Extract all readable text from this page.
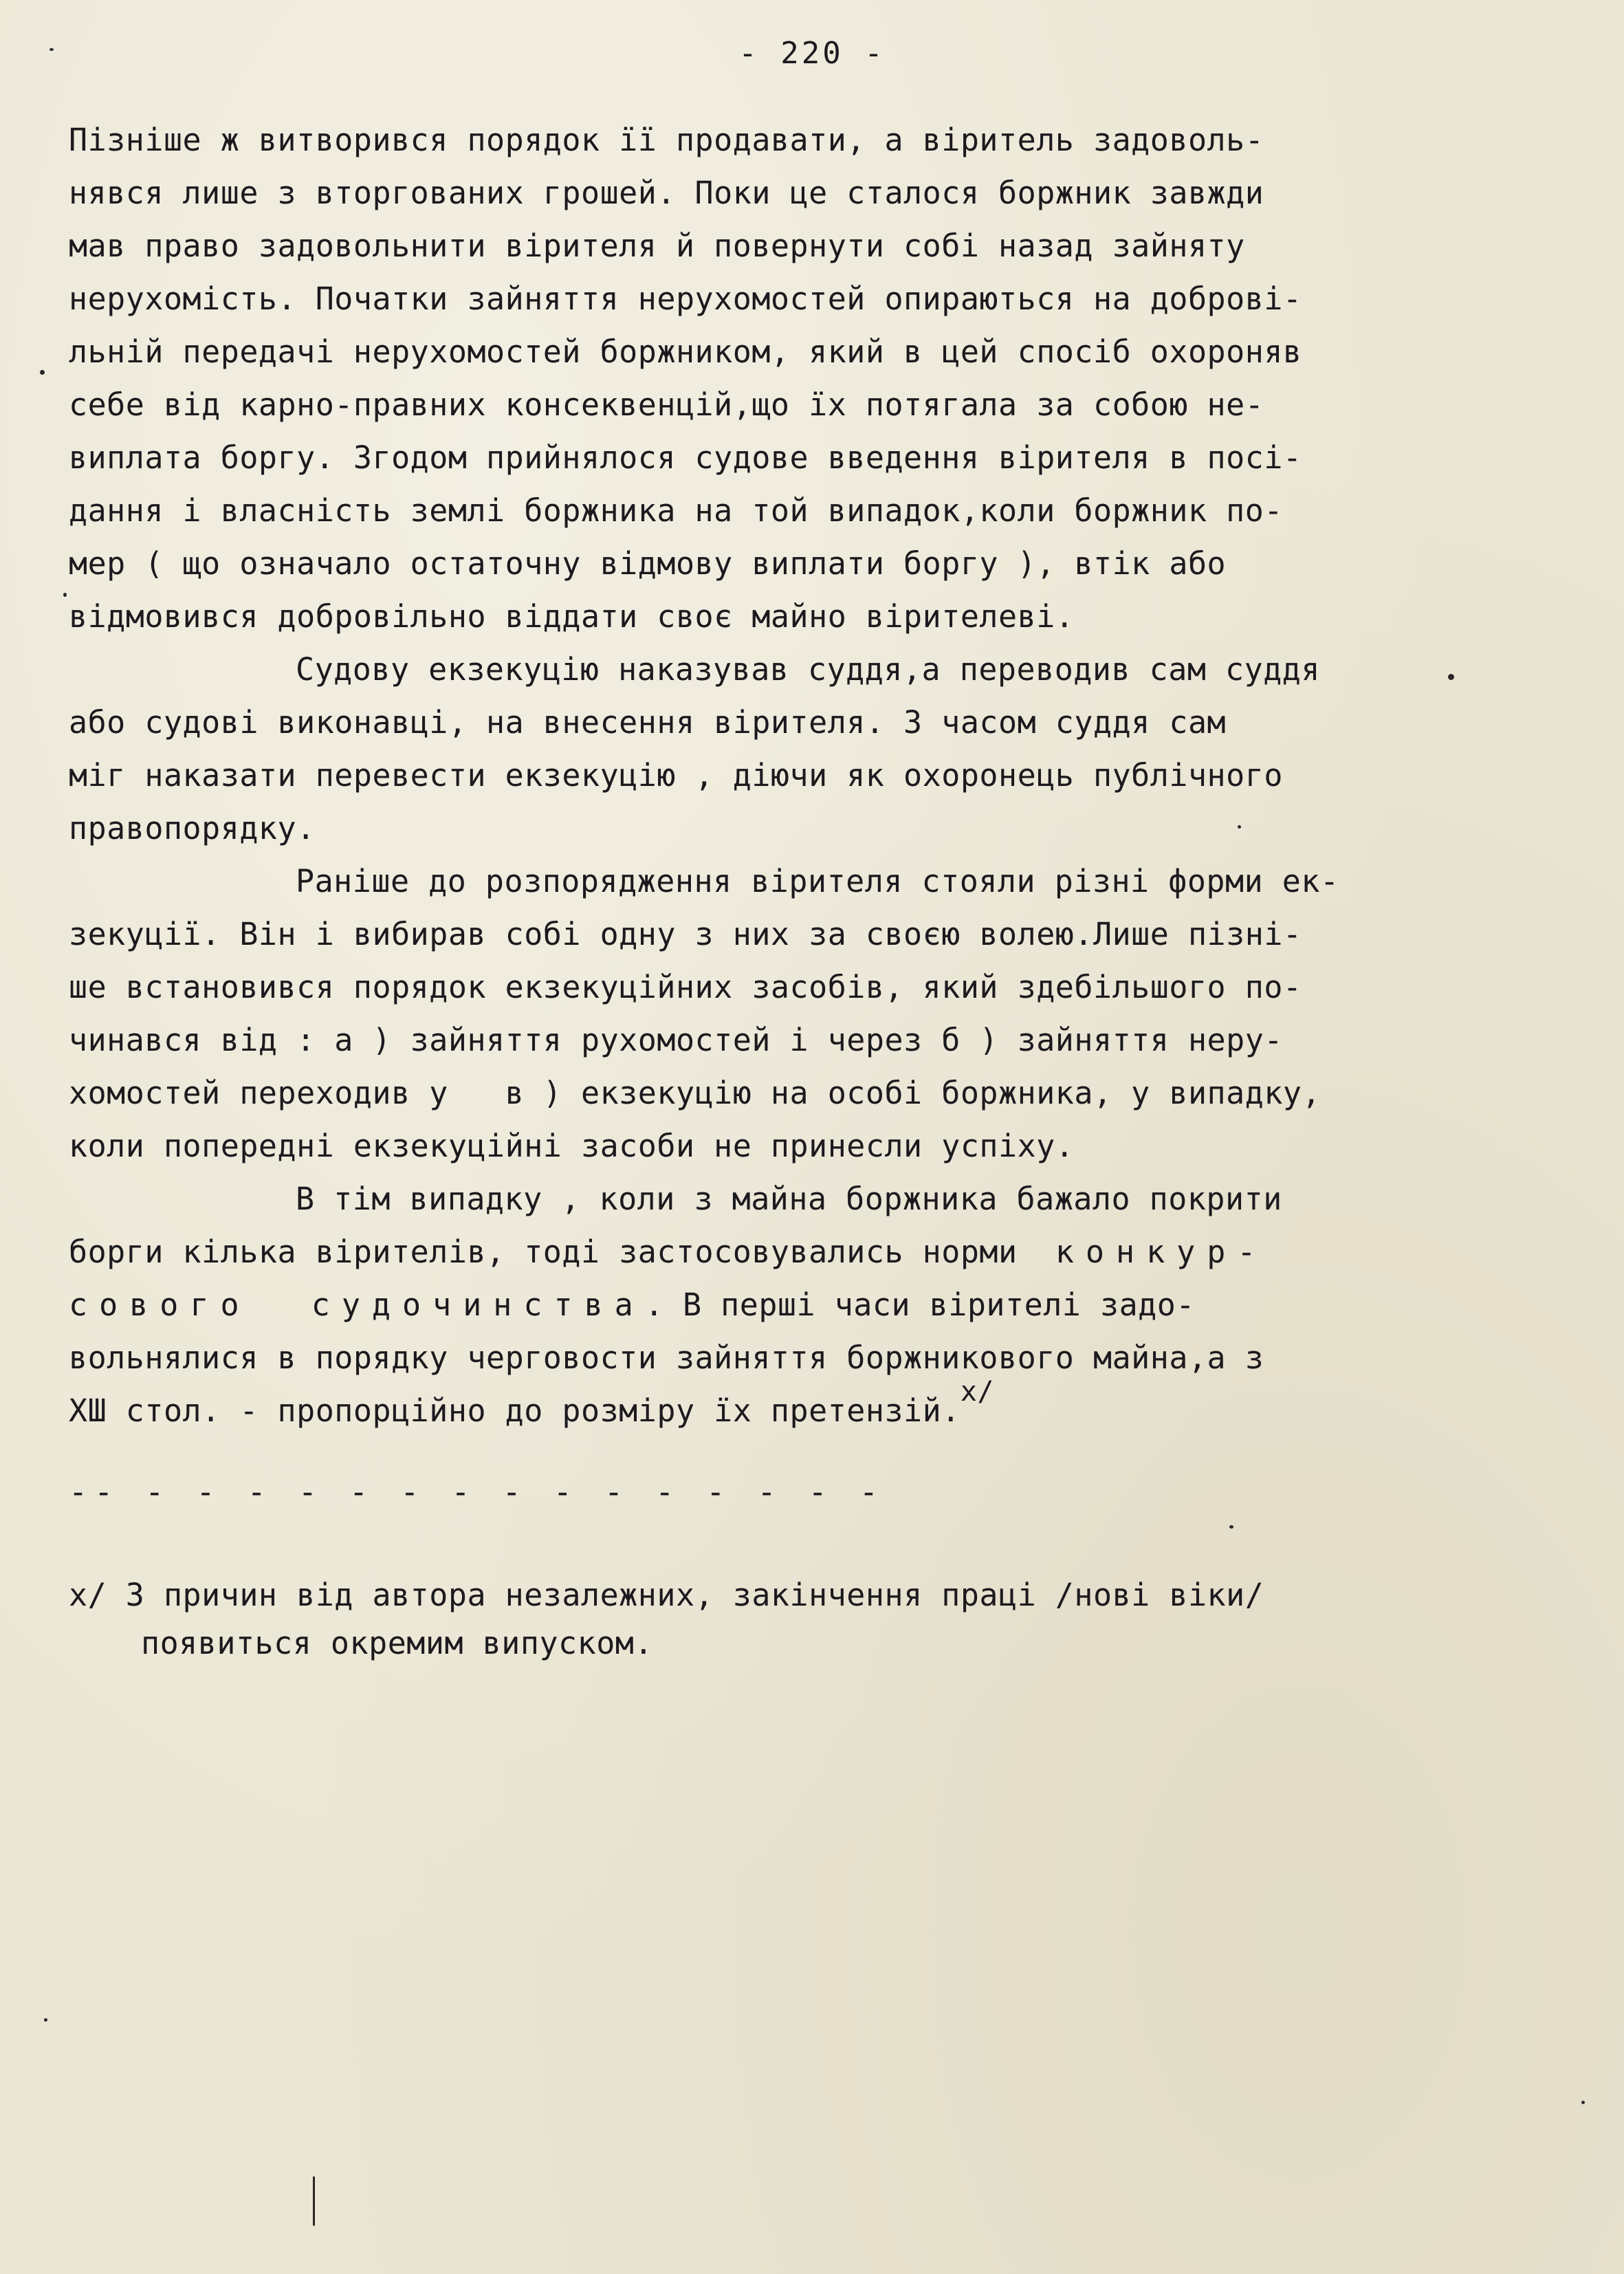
- 220 -
Пізніше ж витворився порядок її продавати, а віритель задоволь-
нявся лише з вторгованих грошей. Поки це сталося боржник завжди
мав право задовольнити вірителя й повернути собі назад зайняту
нерухомість. Початки зайняття нерухомостей опираються на доброві-
льній передачі нерухомостей боржником, який в цей спосіб охороняв
себе від карно-правних консеквенцій,що їх потягала за собою не-
виплата боргу. Згодом прийнялося судове введення вірителя в посі-
дання і власність землі боржника на той випадок,коли боржник по-
мер ( що означало остаточну відмову виплати боргу ), втік або
відмовився добровільно віддати своє майно вірителеві.
Судову екзекуцію наказував суддя,а переводив сам суддя
або судові виконавці, на внесення вірителя. З часом суддя сам
міг наказати перевести екзекуцію , діючи як охоронець публічного
правопорядку.
Раніше до розпорядження вірителя стояли різні форми ек-
зекуції. Він і вибирав собі одну з них за своєю волею.Лише пізні-
ше встановився порядок екзекуційних засобів, який здебільшого по-
чинався від : а ) зайняття рухомостей і через б ) зайняття неру-
хомостей переходив у   в ) екзекуцію на особі боржника, у випадку,
коли попередні екзекуційні засоби не принесли успіху.
В тім випадку , коли з майна боржника бажало покрити
борги кілька вірителів, тоді застосовувались норми  конкур-
сового  судочинства. В перші часи вірителі задо-
вольнялися в порядку черговости зайняття боржникового майна,а з
ХШ стол. - пропорційно до розміру їх претензій.х/
-- - - - - - - - - - - - - - - -
х/ З причин від автора незалежних, закінчення праці /нові віки/
появиться окремим випуском.
